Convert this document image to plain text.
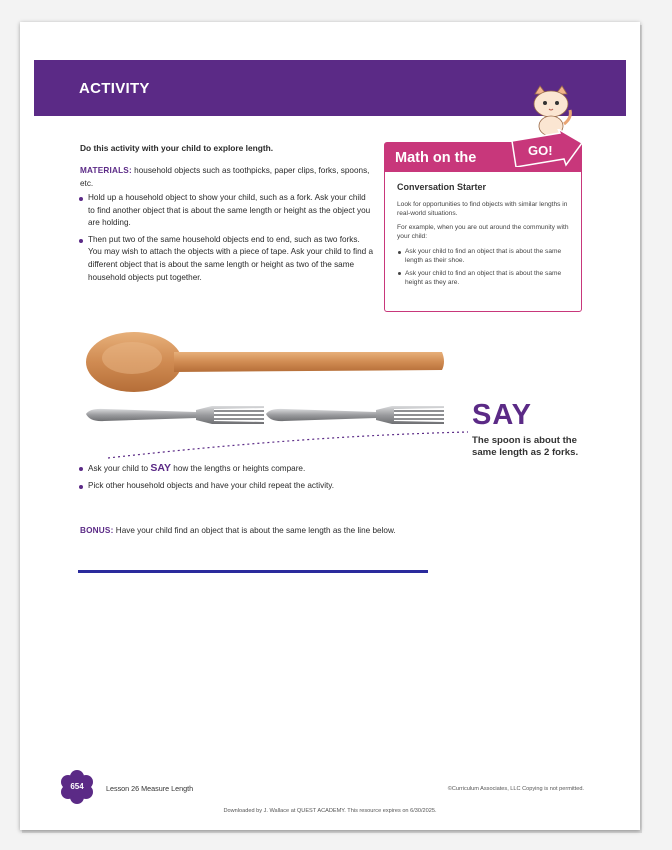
ACTIVITY
Do this activity with your child to explore length.
MATERIALS: household objects such as toothpicks, paper clips, forks, spoons, etc.
Hold up a household object to show your child, such as a fork. Ask your child to find another object that is about the same length or height as the object you are holding.
Then put two of the same household objects end to end, such as two forks. You may wish to attach the objects with a piece of tape. Ask your child to find a different object that is about the same length or height as two of the same household objects put together.
Math on the
Conversation Starter
Look for opportunities to find objects with similar lengths in real-world situations.
For example, when you are out around the community with your child:
Ask your child to find an object that is about the same length as their shoe.
Ask your child to find an object that is about the same height as they are.
GO!
SAY
The spoon is about the same length as 2 forks.
Ask your child to SAY how the lengths or heights compare.
Pick other household objects and have your child repeat the activity.
BONUS: Have your child find an object that is about the same length as the line below.
654	Lesson 26 Measure Length	©Curriculum Associates, LLC Copying is not permitted.
Downloaded by J. Wallace at QUEST ACADEMY. This resource expires on 6/30/2025.
